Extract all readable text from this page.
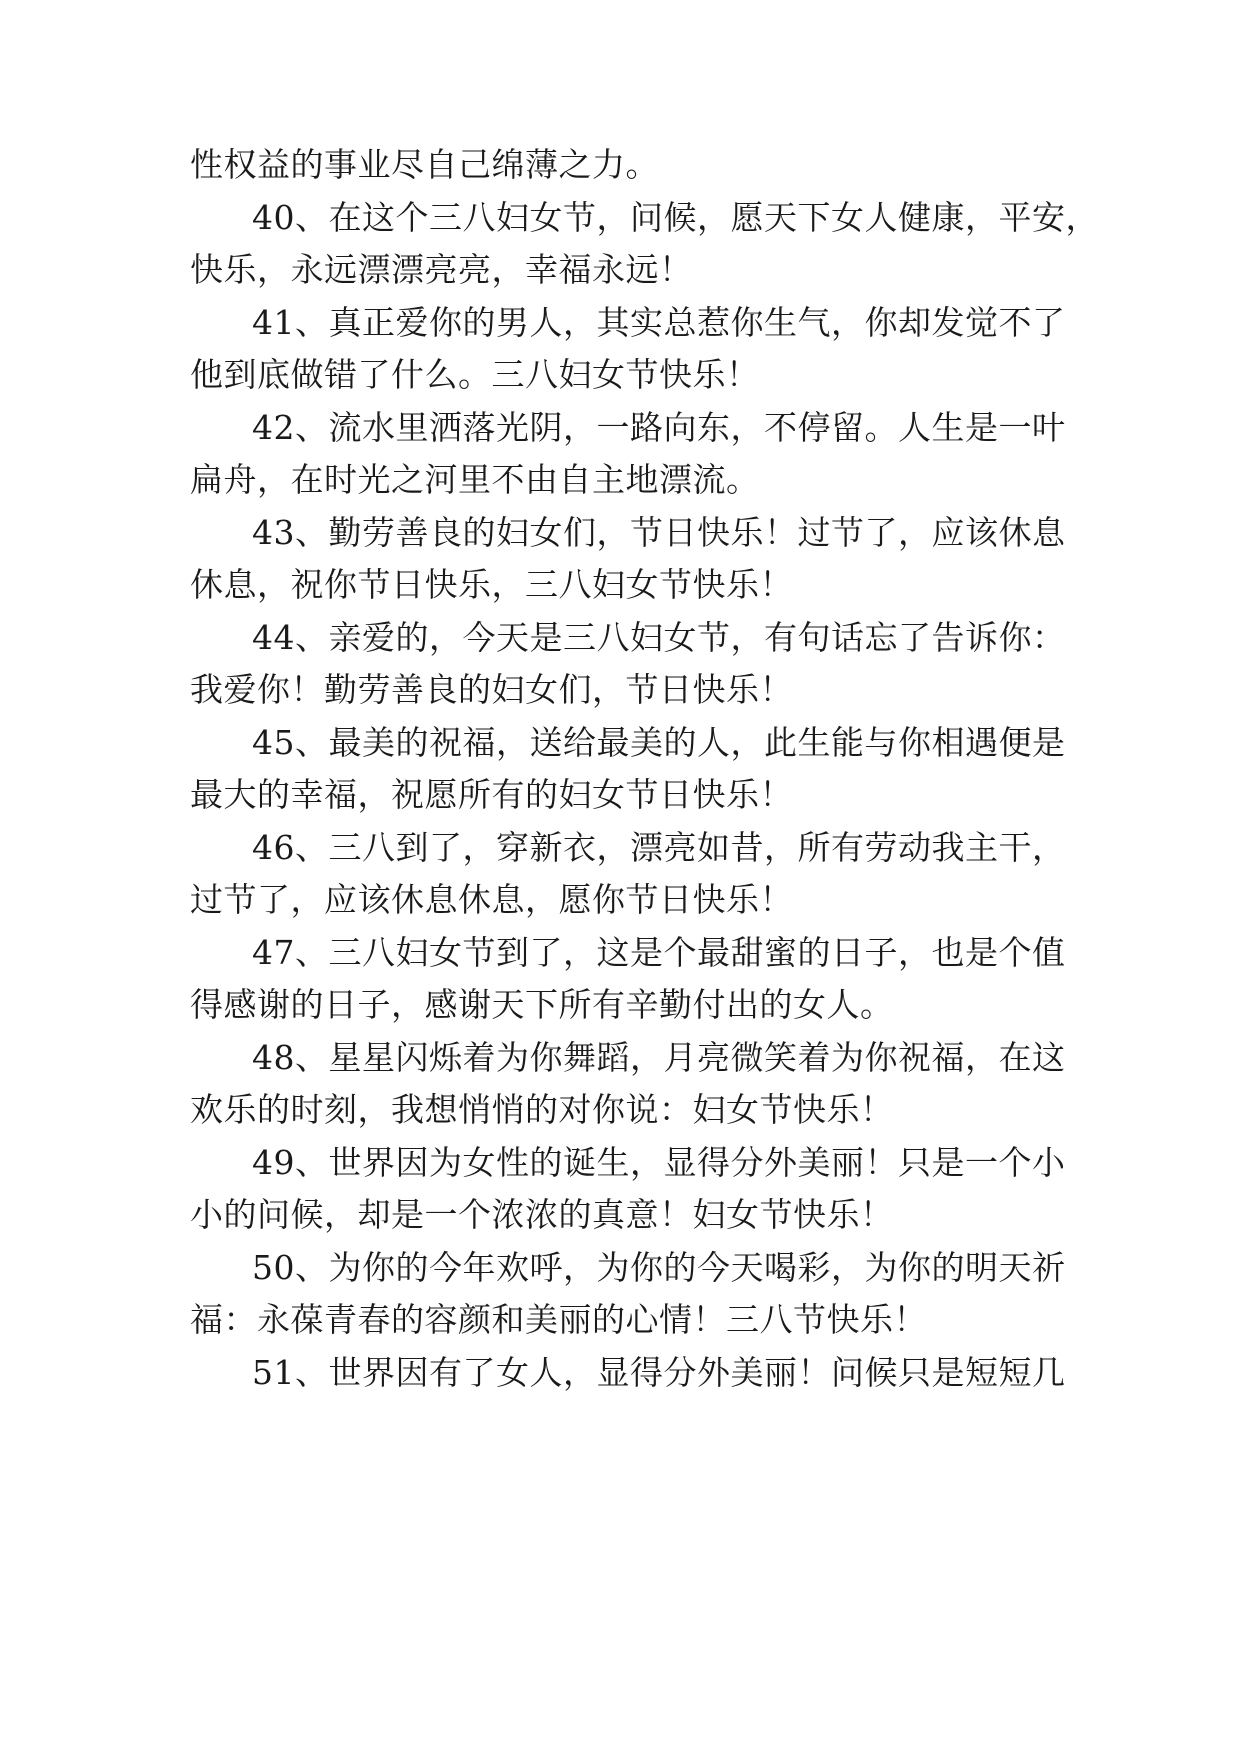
性权益的事业尽自己绵薄之力。
40、在这个三八妇女节，问候，愿天下女人健康，平安，
快乐，永远漂漂亮亮，幸福永远！
41、真正爱你的男人，其实总惹你生气，你却发觉不了
他到底做错了什么。三八妇女节快乐！
42、流水里洒落光阴，一路向东，不停留。人生是一叶
扁舟，在时光之河里不由自主地漂流。
43、勤劳善良的妇女们，节日快乐！过节了，应该休息
休息，祝你节日快乐，三八妇女节快乐！
44、亲爱的，今天是三八妇女节，有句话忘了告诉你：
我爱你！勤劳善良的妇女们，节日快乐！
45、最美的祝福，送给最美的人，此生能与你相遇便是
最大的幸福，祝愿所有的妇女节日快乐！
46、三八到了，穿新衣，漂亮如昔，所有劳动我主干，
过节了，应该休息休息，愿你节日快乐！
47、三八妇女节到了，这是个最甜蜜的日子，也是个值
得感谢的日子，感谢天下所有辛勤付出的女人。
48、星星闪烁着为你舞蹈，月亮微笑着为你祝福，在这
欢乐的时刻，我想悄悄的对你说：妇女节快乐！
49、世界因为女性的诞生，显得分外美丽！只是一个小
小的问候，却是一个浓浓的真意！妇女节快乐！
50、为你的今年欢呼，为你的今天喝彩，为你的明天祈
福：永葆青春的容颜和美丽的心情！三八节快乐！
51、世界因有了女人，显得分外美丽！问候只是短短几
